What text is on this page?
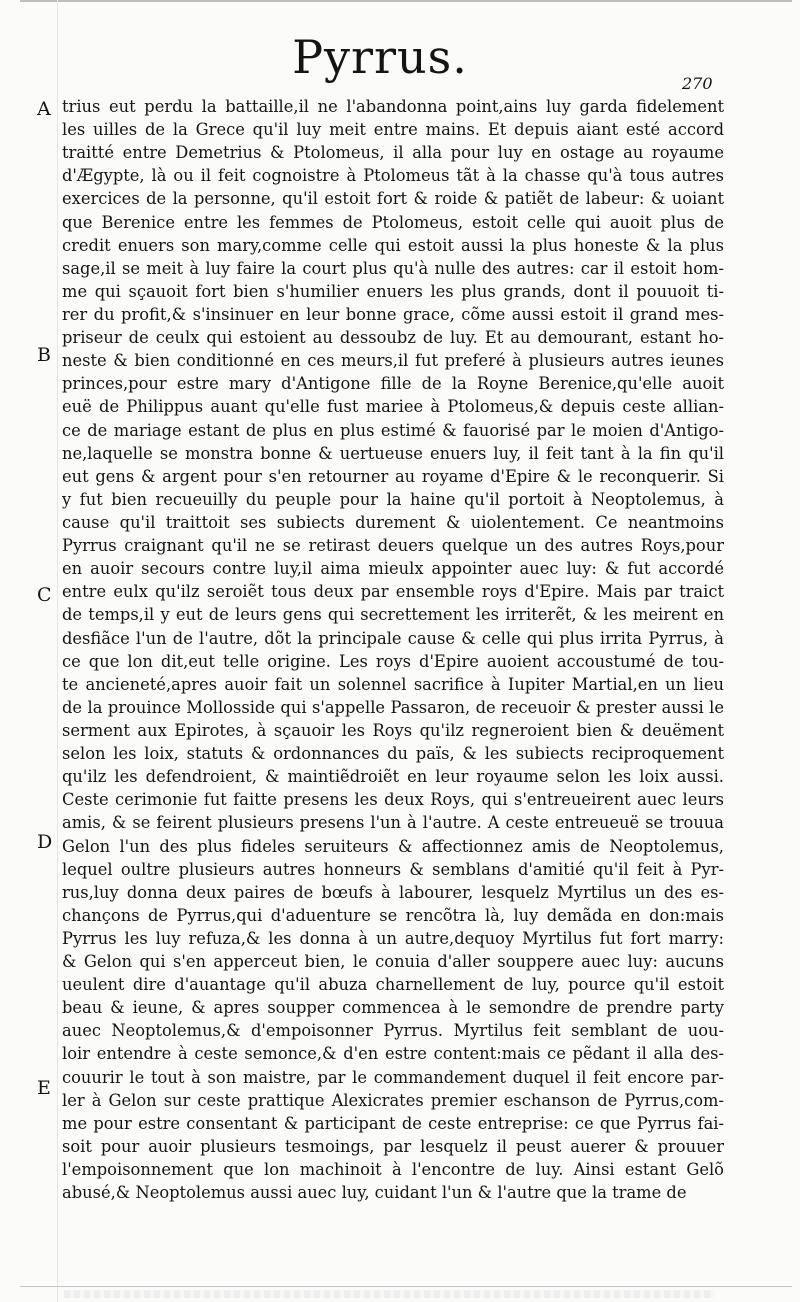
Pyrrus.	270
A
B
C
D
E
trius eut perdu la battaille,il ne l'abandonna point,ains luy garda fidelement
les uilles de la Grece qu'il luy meit entre mains. Et depuis aiant esté accord
traitté entre Demetrius & Ptolomeus, il alla pour luy en ostage au royaume
d'Ægypte, là ou il feit cognoistre à Ptolomeus tãt à la chasse qu'à tous autres
exercices de la personne, qu'il estoit fort & roide & patiẽt de labeur: & uoiant
que Berenice entre les femmes de Ptolomeus, estoit celle qui auoit plus de
credit enuers son mary,comme celle qui estoit aussi la plus honeste & la plus
sage,il se meit à luy faire la court plus qu'à nulle des autres: car il estoit hom-
me qui sçauoit fort bien s'humilier enuers les plus grands, dont il pouuoit ti-
rer du profit,& s'insinuer en leur bonne grace, cõme aussi estoit il grand mes-
priseur de ceulx qui estoient au dessoubz de luy. Et au demourant, estant ho-
neste & bien conditionné en ces meurs,il fut preferé à plusieurs autres ieunes
princes,pour estre mary d'Antigone fille de la Royne Berenice,qu'elle auoit
euë de Philippus auant qu'elle fust mariee à Ptolomeus,& depuis ceste allian-
ce de mariage estant de plus en plus estimé & fauorisé par le moien d'Antigo-
ne,laquelle se monstra bonne & uertueuse enuers luy, il feit tant à la fin qu'il
eut gens & argent pour s'en retourner au royame d'Epire & le reconquerir. Si
y fut bien recueuilly du peuple pour la haine qu'il portoit à Neoptolemus, à
cause qu'il traittoit ses subiects durement & uiolentement. Ce neantmoins
Pyrrus craignant qu'il ne se retirast deuers quelque un des autres Roys,pour
en auoir secours contre luy,il aima mieulx appointer auec luy: & fut accordé
entre eulx qu'ilz seroiẽt tous deux par ensemble roys d'Epire. Mais par traict
de temps,il y eut de leurs gens qui secrettement les irriterẽt, & les meirent en
desfiãce l'un de l'autre, dõt la principale cause & celle qui plus irrita Pyrrus, à
ce que lon dit,eut telle origine. Les roys d'Epire auoient accoustumé de tou-
te ancieneté,apres auoir fait un solennel sacrifice à Iupiter Martial,en un lieu
de la prouince Mollosside qui s'appelle Passaron, de receuoir & prester aussi le
serment aux Epirotes, à sçauoir les Roys qu'ilz regneroient bien & deuëment
selon les loix, statuts & ordonnances du païs, & les subiects reciproquement
qu'ilz les defendroient, & maintiẽdroiẽt en leur royaume selon les loix aussi.
Ceste cerimonie fut faitte presens les deux Roys, qui s'entreueirent auec leurs
amis, & se feirent plusieurs presens l'un à l'autre. A ceste entreueuë se trouua
Gelon l'un des plus fideles seruiteurs & affectionnez amis de Neoptolemus,
lequel oultre plusieurs autres honneurs & semblans d'amitié qu'il feit à Pyr-
rus,luy donna deux paires de bœufs à labourer, lesquelz Myrtilus un des es-
chançons de Pyrrus,qui d'aduenture se rencõtra là, luy demãda en don:mais
Pyrrus les luy refuza,& les donna à un autre,dequoy Myrtilus fut fort marry:
& Gelon qui s'en apperceut bien, le conuia d'aller souppere auec luy: aucuns
ueulent dire d'auantage qu'il abuza charnellement de luy, pource qu'il estoit
beau & ieune, & apres soupper commencea à le semondre de prendre party
auec Neoptolemus,& d'empoisonner Pyrrus. Myrtilus feit semblant de uou-
loir entendre à ceste semonce,& d'en estre content:mais ce pẽdant il alla des-
couurir le tout à son maistre, par le commandement duquel il feit encore par-
ler à Gelon sur ceste prattique Alexicrates premier eschanson de Pyrrus,com-
me pour estre consentant & participant de ceste entreprise: ce que Pyrrus fai-
soit pour auoir plusieurs tesmoings, par lesquelz il peust auerer & prouuer
l'empoisonnement que lon machinoit à l'encontre de luy. Ainsi estant Gelõ
abusé,& Neoptolemus aussi auec luy, cuidant l'un & l'autre que la trame de
